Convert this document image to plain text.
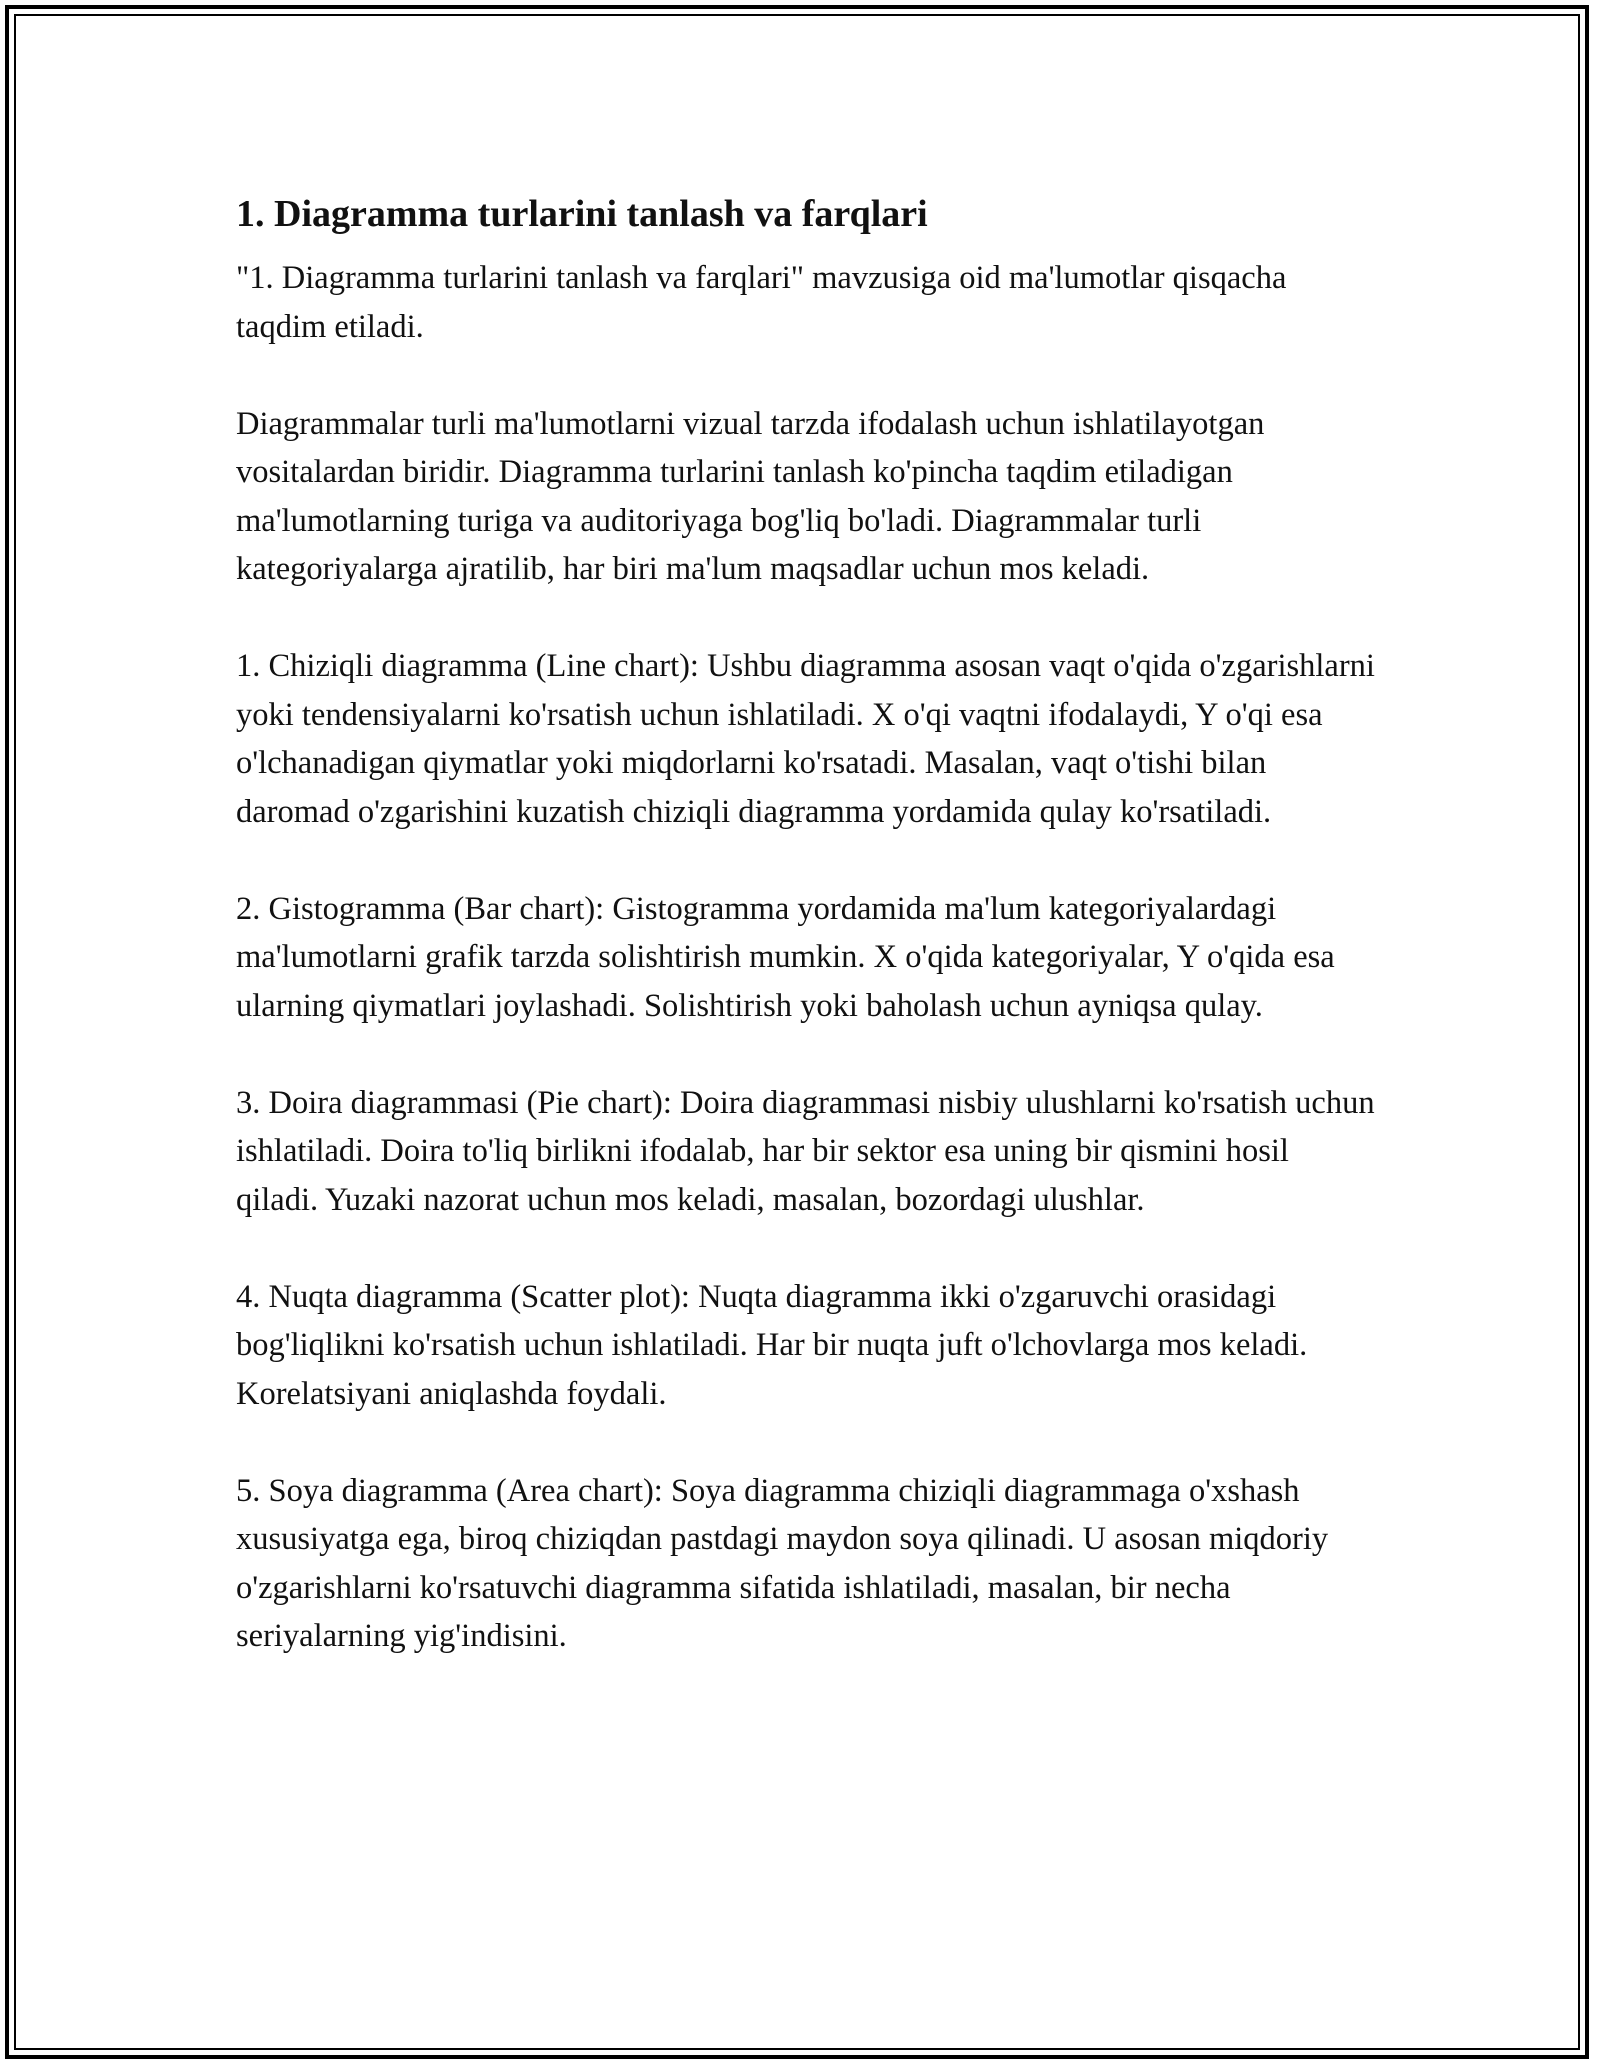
1. Diagramma turlarini tanlash va farqlari

"1. Diagramma turlarini tanlash va farqlari" mavzusiga oid ma'lumotlar qisqacha taqdim etiladi.

Diagrammalar turli ma'lumotlarni vizual tarzda ifodalash uchun ishlatilayotgan vositalardan biridir. Diagramma turlarini tanlash ko'pincha taqdim etiladigan ma'lumotlarning turiga va auditoriyaga bog'liq bo'ladi. Diagrammalar turli kategoriyalarga ajratilib, har biri ma'lum maqsadlar uchun mos keladi.

1. Chiziqli diagramma (Line chart): Ushbu diagramma asosan vaqt o'qida o'zgarishlarni yoki tendensiyalarni ko'rsatish uchun ishlatiladi. X o'qi vaqtni ifodalaydi, Y o'qi esa o'lchanadigan qiymatlar yoki miqdorlarni ko'rsatadi. Masalan, vaqt o'tishi bilan daromad o'zgarishini kuzatish chiziqli diagramma yordamida qulay ko'rsatiladi.

2. Gistogramma (Bar chart): Gistogramma yordamida ma'lum kategoriyalardagi ma'lumotlarni grafik tarzda solishtirish mumkin. X o'qida kategoriyalar, Y o'qida esa ularning qiymatlari joylashadi. Solishtirish yoki baholash uchun ayniqsa qulay.

3. Doira diagrammasi (Pie chart): Doira diagrammasi nisbiy ulushlarni ko'rsatish uchun ishlatiladi. Doira to'liq birlikni ifodalab, har bir sektor esa uning bir qismini hosil qiladi. Yuzaki nazorat uchun mos keladi, masalan, bozordagi ulushlar.

4. Nuqta diagramma (Scatter plot): Nuqta diagramma ikki o'zgaruvchi orasidagi bog'liqlikni ko'rsatish uchun ishlatiladi. Har bir nuqta juft o'lchovlarga mos keladi. Korelatsiyani aniqlashda foydali.

5. Soya diagramma (Area chart): Soya diagramma chiziqli diagrammaga o'xshash xususiyatga ega, biroq chiziqdan pastdagi maydon soya qilinadi. U asosan miqdoriy o'zgarishlarni ko'rsatuvchi diagramma sifatida ishlatiladi, masalan, bir necha seriyalarning yig'indisini.
